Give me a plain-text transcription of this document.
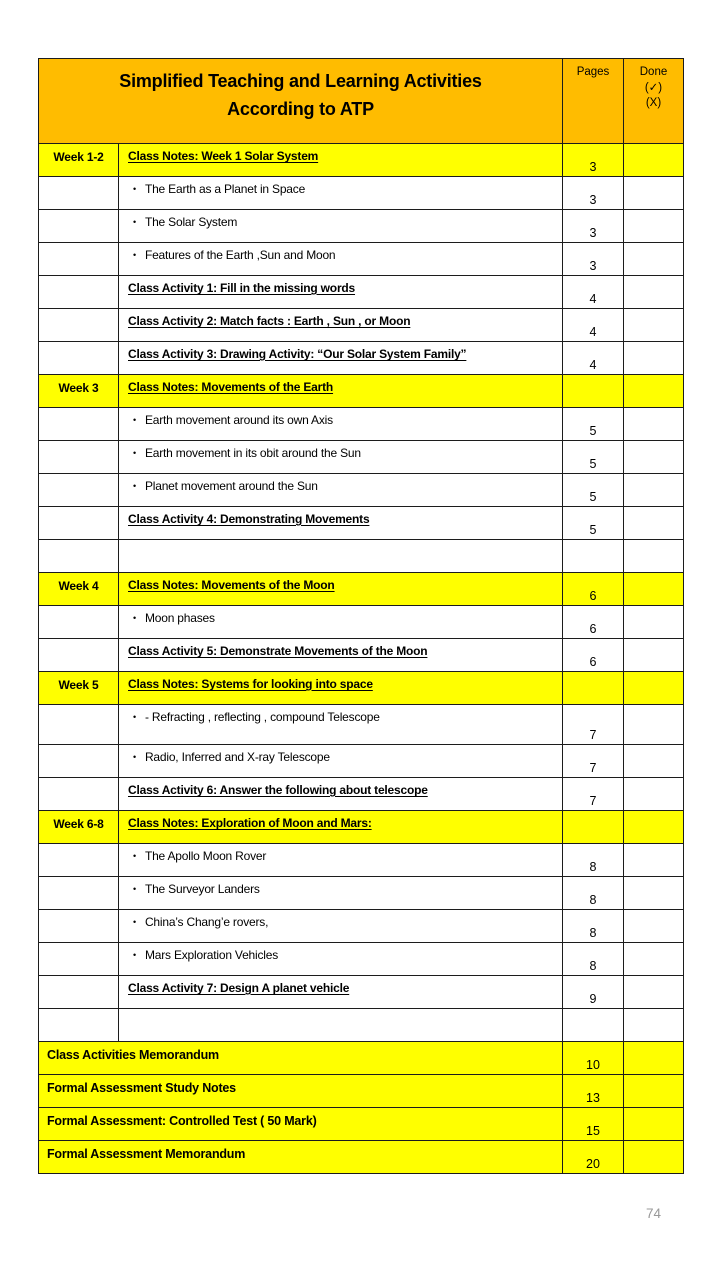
Simplified Teaching and Learning Activities
According to ATP

Pages	Done
(✓)
(X)

Week 1-2	Class Notes: Week 1 Solar System	3	
	• The Earth as a Planet in Space	3	
	• The Solar System	3	
	• Features of the Earth ,Sun and Moon	3	
	Class Activity 1: Fill in the missing words	4	
	Class Activity 2: Match facts : Earth , Sun , or Moon	4	
	Class Activity 3: Drawing Activity: “Our Solar System Family”	4	
Week 3	Class Notes: Movements of the Earth		
	• Earth movement around its own Axis	5	
	• Earth movement in its obit around the Sun	5	
	• Planet movement around the Sun	5	
	Class Activity 4: Demonstrating Movements	5	

Week 4	Class Notes: Movements of the Moon	6	
	• Moon phases	6	
	Class Activity 5: Demonstrate Movements of the Moon	6	
Week 5	Class Notes: Systems for looking into space		
	• - Refracting , reflecting , compound Telescope	7	
	• Radio, Inferred and X-ray Telescope	7	
	Class Activity 6: Answer the following about telescope	7	
Week 6-8	Class Notes: Exploration of Moon and Mars:		
	• The Apollo Moon Rover	8	
	• The Surveyor Landers	8	
	• China’s Chang’e rovers,	8	
	• Mars Exploration Vehicles	8	
	Class Activity 7: Design A planet vehicle	9	

Class Activities Memorandum		10	
Formal Assessment Study Notes		13	
Formal Assessment: Controlled Test ( 50 Mark)		15	
Formal Assessment Memorandum		20	
74
